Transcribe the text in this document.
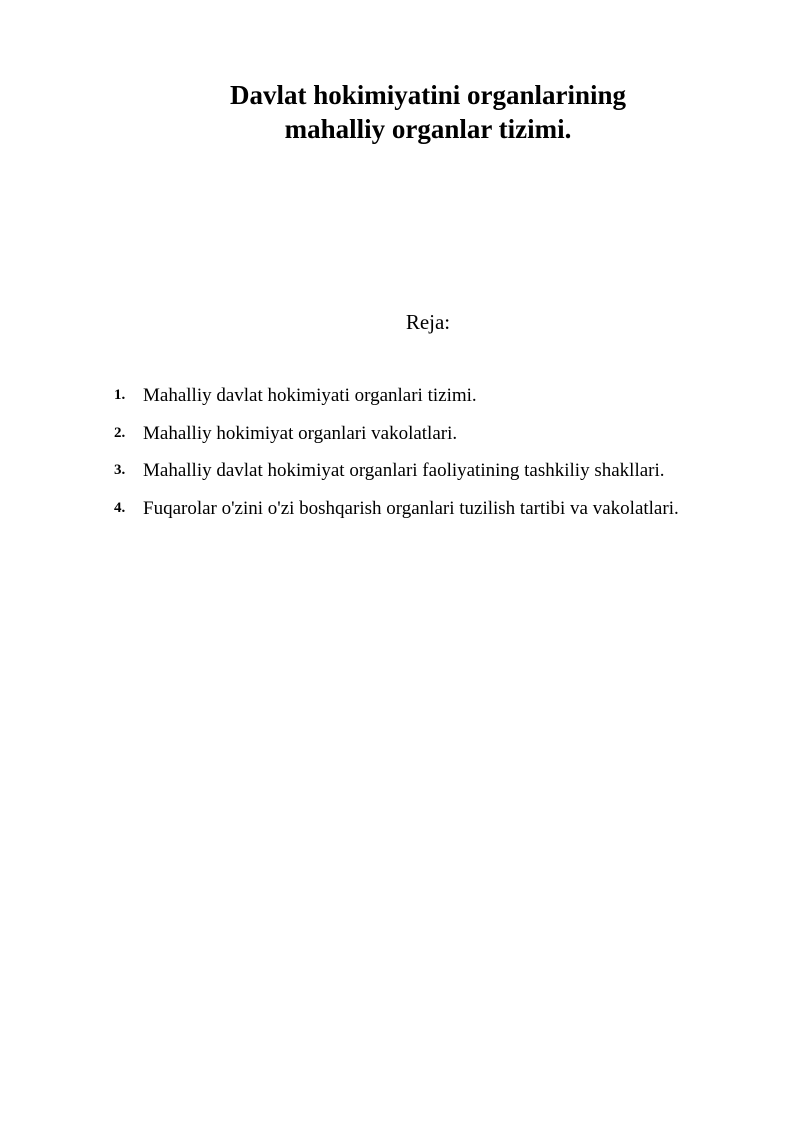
Davlat hokimiyatini organlarining
mahalliy organlar tizimi.
Reja:
1. Mahalliy davlat hokimiyati organlari tizimi.
2. Mahalliy hokimiyat organlari vakolatlari.
3. Mahalliy davlat hokimiyat organlari faoliyatining tashkiliy shakllari.
4. Fuqarolar o'zini o'zi boshqarish organlari tuzilish tartibi va vakolatlari.
